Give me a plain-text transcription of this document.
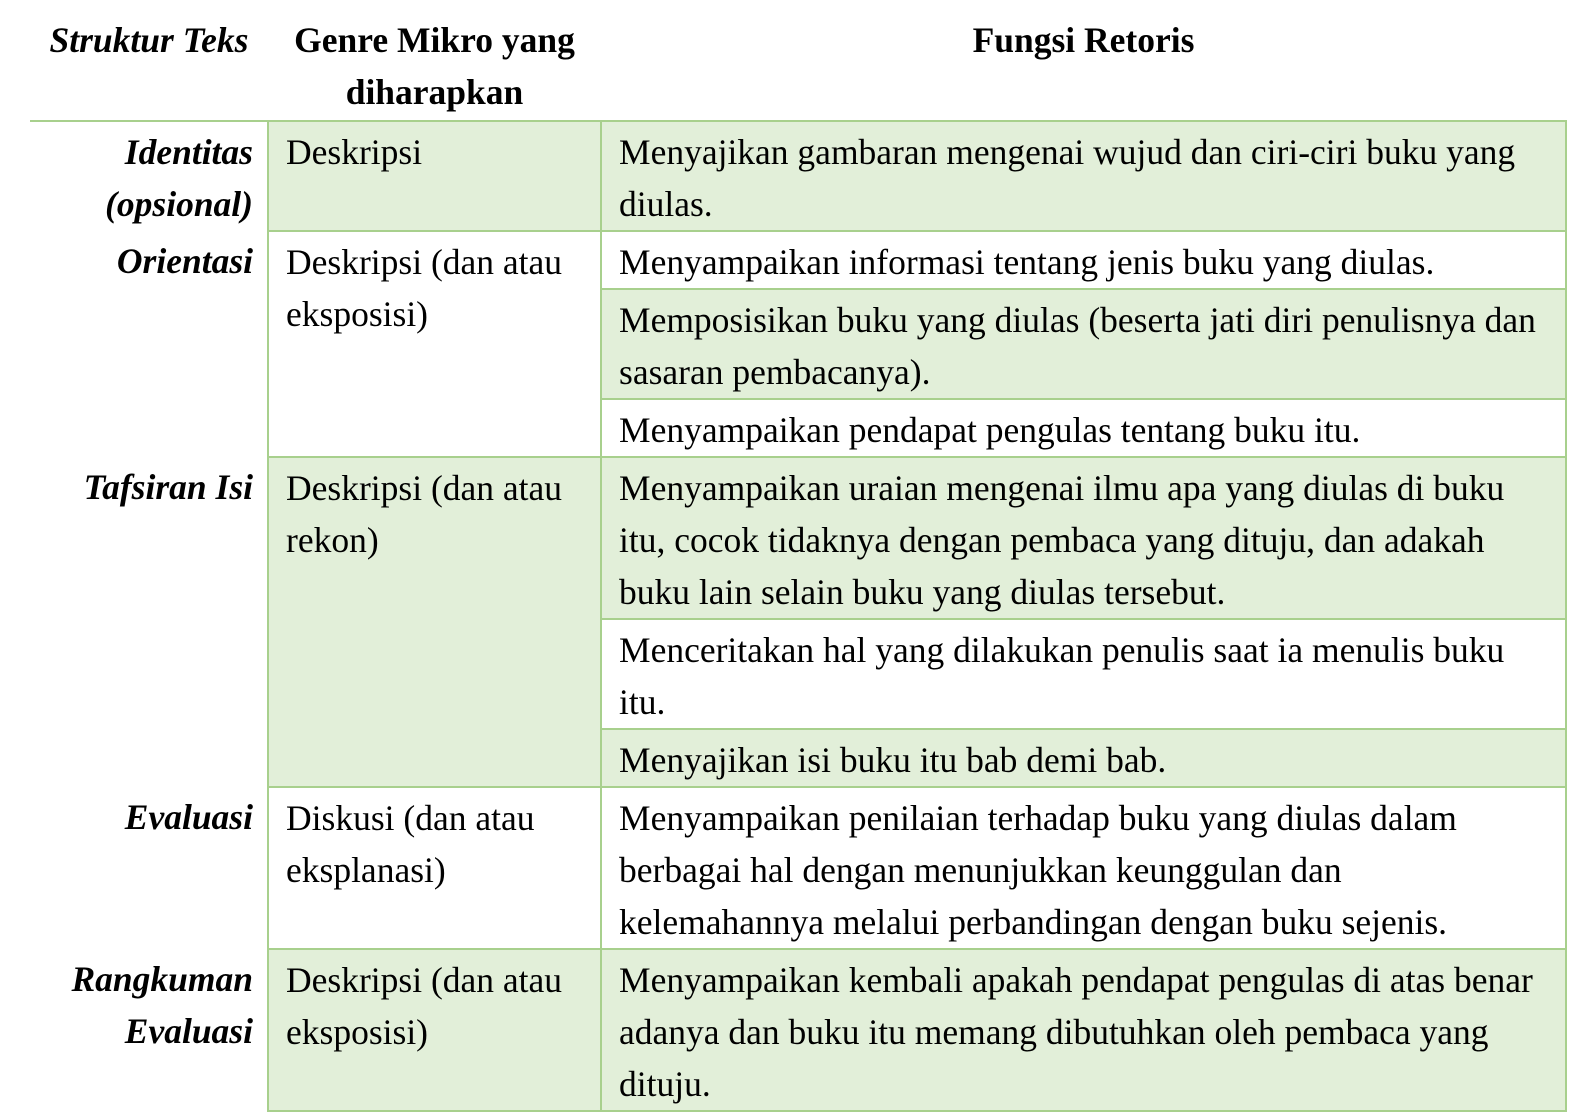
Struktur Teks	Genre Mikro yang diharapkan	Fungsi Retoris
Identitas (opsional)	Deskripsi	Menyajikan gambaran mengenai wujud dan ciri-ciri buku yang diulas.
Orientasi	Deskripsi (dan atau eksposisi)	Menyampaikan informasi tentang jenis buku yang diulas.
		Memposisikan buku yang diulas (beserta jati diri penulisnya dan sasaran pembacanya).
		Menyampaikan pendapat pengulas tentang buku itu.
Tafsiran Isi	Deskripsi (dan atau rekon)	Menyampaikan uraian mengenai ilmu apa yang diulas di buku itu, cocok tidaknya dengan pembaca yang dituju, dan adakah buku lain selain buku yang diulas tersebut.
		Menceritakan hal yang dilakukan penulis saat ia menulis buku itu.
		Menyajikan isi buku itu bab demi bab.
Evaluasi	Diskusi (dan atau eksplanasi)	Menyampaikan penilaian terhadap buku yang diulas dalam berbagai hal dengan menunjukkan keunggulan dan kelemahannya melalui perbandingan dengan buku sejenis.
Rangkuman Evaluasi	Deskripsi (dan atau eksposisi)	Menyampaikan kembali apakah pendapat pengulas di atas benar adanya dan buku itu memang dibutuhkan oleh pembaca yang dituju.
